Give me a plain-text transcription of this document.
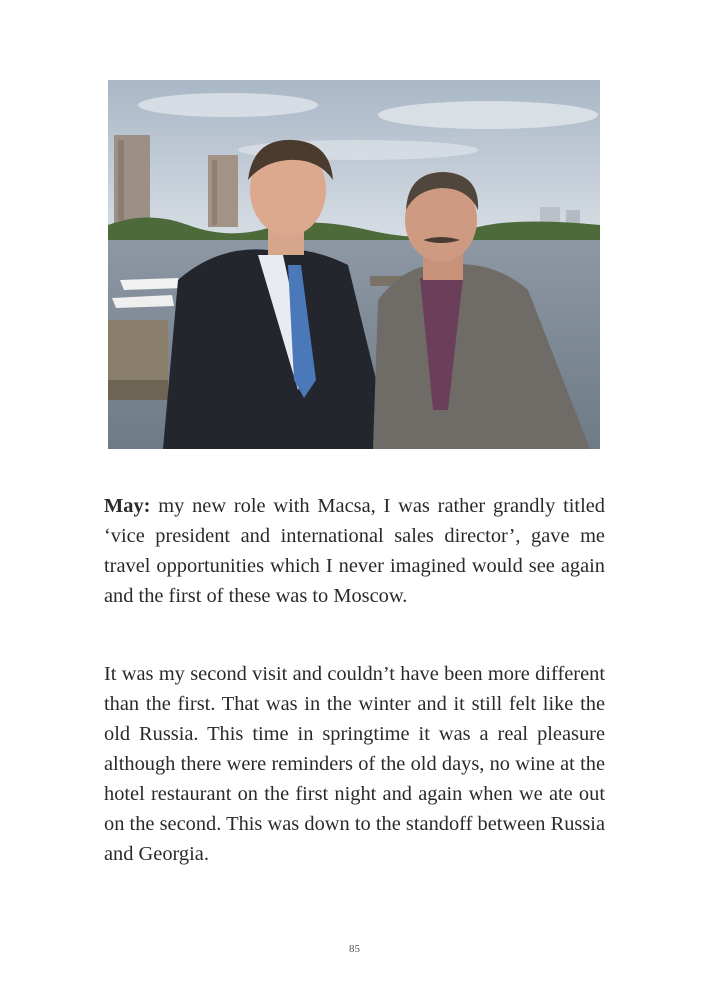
May: my new role with Macsa, I was rather grandly titled ‘vice president and international sales director’, gave me travel opportunities which I never imagined would see again and the first of these was to Moscow.
It was my second visit and couldn’t have been more different than the first. That was in the winter and it still felt like the old Russia. This time in springtime it was a real pleasure although there were reminders of the old days, no wine at the hotel restaurant on the first night and again when we ate out on the second. This was down to the standoff between Russia and Georgia.
85
